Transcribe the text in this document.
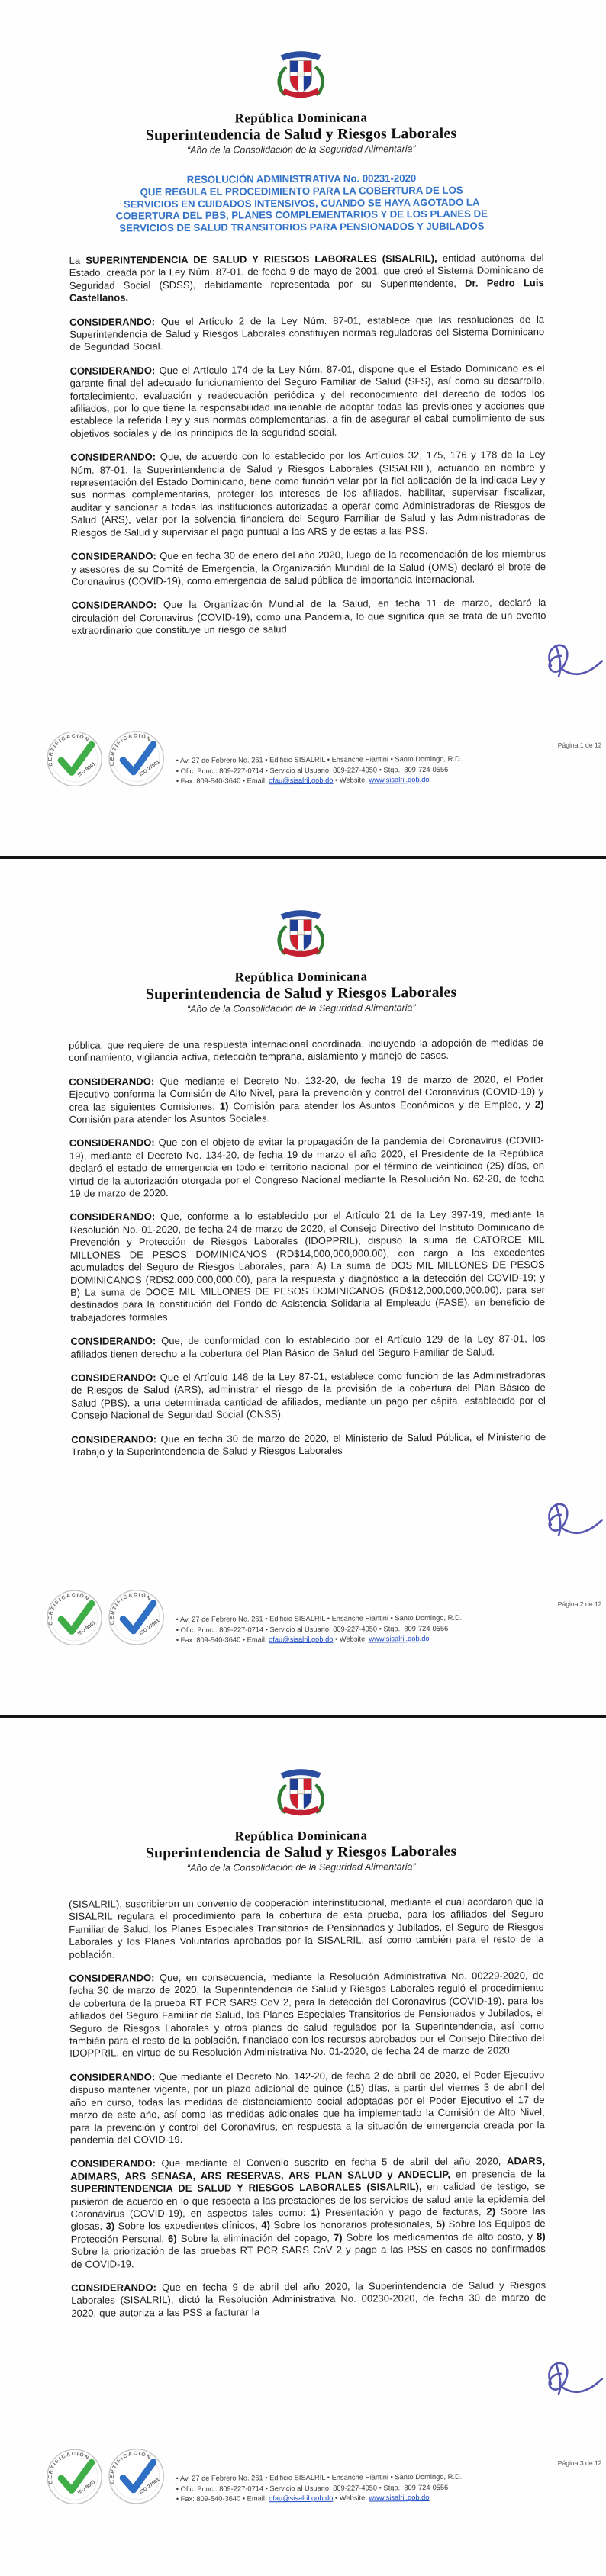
República Dominicana
Superintendencia de Salud y Riesgos Laborales
“Año de la Consolidación de la Seguridad Alimentaria”
RESOLUCIÓN ADMINISTRATIVA No. 00231-2020
QUE REGULA EL PROCEDIMIENTO PARA LA COBERTURA DE LOS
SERVICIOS EN CUIDADOS INTENSIVOS, CUANDO SE HAYA AGOTADO LA
COBERTURA DEL PBS, PLANES COMPLEMENTARIOS Y DE LOS PLANES DE
SERVICIOS DE SALUD TRANSITORIOS PARA PENSIONADOS Y JUBILADOS

La SUPERINTENDENCIA DE SALUD Y RIESGOS LABORALES (SISALRIL), entidad autónoma del Estado, creada por la Ley Núm. 87-01, de fecha 9 de mayo de 2001, que creó el Sistema Dominicano de Seguridad Social (SDSS), debidamente representada por su Superintendente, Dr. Pedro Luis Castellanos.

CONSIDERANDO: Que el Artículo 2 de la Ley Núm. 87-01, establece que las resoluciones de la Superintendencia de Salud y Riesgos Laborales constituyen normas reguladoras del Sistema Dominicano de Seguridad Social.

CONSIDERANDO: Que el Artículo 174 de la Ley Núm. 87-01, dispone que el Estado Dominicano es el garante final del adecuado funcionamiento del Seguro Familiar de Salud (SFS), así como su desarrollo, fortalecimiento, evaluación y readecuación periódica y del reconocimiento del derecho de todos los afiliados, por lo que tiene la responsabilidad inalienable de adoptar todas las previsiones y acciones que establece la referida Ley y sus normas complementarias, a fin de asegurar el cabal cumplimiento de sus objetivos sociales y de los principios de la seguridad social.

CONSIDERANDO: Que, de acuerdo con lo establecido por los Artículos 32, 175, 176 y 178 de la Ley Núm. 87-01, la Superintendencia de Salud y Riesgos Laborales (SISALRIL), actuando en nombre y representación del Estado Dominicano, tiene como función velar por la fiel aplicación de la indicada Ley y sus normas complementarias, proteger los intereses de los afiliados, habilitar, supervisar fiscalizar, auditar y sancionar a todas las instituciones autorizadas a operar como Administradoras de Riesgos de Salud (ARS), velar por la solvencia financiera del Seguro Familiar de Salud y las Administradoras de Riesgos de Salud y supervisar el pago puntual a las ARS y de estas a las PSS.

CONSIDERANDO: Que en fecha 30 de enero del año 2020, luego de la recomendación de los miembros y asesores de su Comité de Emergencia, la Organización Mundial de la Salud (OMS) declaró el brote de Coronavirus (COVID-19), como emergencia de salud pública de importancia internacional.

CONSIDERANDO: Que la Organización Mundial de la Salud, en fecha 11 de marzo, declaró la circulación del Coronavirus (COVID-19), como una Pandemia, lo que significa que se trata de un evento extraordinario que constituye un riesgo de salud

Página 1 de 12
CERTIFICACIÓN
ISO 9001 CERTIFICACIÓN
ISO 27001 • Av. 27 de Febrero No. 261 • Edificio SISALRIL • Ensanche Piantini • Santo Domingo, R.D.
• Ofic. Princ.: 809-227-0714 • Servicio al Usuario: 809-227-4050 • Stgo.: 809-724-0556
• Fax: 809-540-3640 • Email: ofau@sisalril.gob.do • Website: www.sisalril.gob.do
República Dominicana
Superintendencia de Salud y Riesgos Laborales
“Año de la Consolidación de la Seguridad Alimentaria”

pública, que requiere de una respuesta internacional coordinada, incluyendo la adopción de medidas de confinamiento, vigilancia activa, detección temprana, aislamiento y manejo de casos.

CONSIDERANDO: Que mediante el Decreto No. 132-20, de fecha 19 de marzo de 2020, el Poder Ejecutivo conforma la Comisión de Alto Nivel, para la prevención y control del Coronavirus (COVID-19) y crea las siguientes Comisiones: 1) Comisión para atender los Asuntos Económicos y de Empleo, y 2) Comisión para atender los Asuntos Sociales.

CONSIDERANDO: Que con el objeto de evitar la propagación de la pandemia del Coronavirus (COVID-19), mediante el Decreto No. 134-20, de fecha 19 de marzo el año 2020, el Presidente de la República declaró el estado de emergencia en todo el territorio nacional, por el término de veinticinco (25) días, en virtud de la autorización otorgada por el Congreso Nacional mediante la Resolución No. 62-20, de fecha 19 de marzo de 2020.

CONSIDERANDO: Que, conforme a lo establecido por el Artículo 21 de la Ley 397-19, mediante la Resolución No. 01-2020, de fecha 24 de marzo de 2020, el Consejo Directivo del Instituto Dominicano de Prevención y Protección de Riesgos Laborales (IDOPPRIL), dispuso la suma de CATORCE MIL MILLONES DE PESOS DOMINICANOS (RD$14,000,000,000.00), con cargo a los excedentes acumulados del Seguro de Riesgos Laborales, para: A) La suma de DOS MIL MILLONES DE PESOS DOMINICANOS (RD$2,000,000,000.00), para la respuesta y diagnóstico a la detección del COVID-19; y B) La suma de DOCE MIL MILLONES DE PESOS DOMINICANOS (RD$12,000,000,000.00), para ser destinados para la constitución del Fondo de Asistencia Solidaria al Empleado (FASE), en beneficio de trabajadores formales.

CONSIDERANDO: Que, de conformidad con lo establecido por el Artículo 129 de la Ley 87-01, los afiliados tienen derecho a la cobertura del Plan Básico de Salud del Seguro Familiar de Salud.

CONSIDERANDO: Que el Artículo 148 de la Ley 87-01, establece como función de las Administradoras de Riesgos de Salud (ARS), administrar el riesgo de la provisión de la cobertura del Plan Básico de Salud (PBS), a una determinada cantidad de afiliados, mediante un pago per cápita, establecido por el Consejo Nacional de Seguridad Social (CNSS).

CONSIDERANDO: Que en fecha 30 de marzo de 2020, el Ministerio de Salud Pública, el Ministerio de Trabajo y la Superintendencia de Salud y Riesgos Laborales

Página 2 de 12
CERTIFICACIÓN
ISO 9001 CERTIFICACIÓN
ISO 27001 • Av. 27 de Febrero No. 261 • Edificio SISALRIL • Ensanche Piantini • Santo Domingo, R.D.
• Ofic. Princ.: 809-227-0714 • Servicio al Usuario: 809-227-4050 • Stgo.: 809-724-0556
• Fax: 809-540-3640 • Email: ofau@sisalril.gob.do • Website: www.sisalril.gob.do
República Dominicana
Superintendencia de Salud y Riesgos Laborales
“Año de la Consolidación de la Seguridad Alimentaria”

(SISALRIL), suscribieron un convenio de cooperación interinstitucional, mediante el cual acordaron que la SISALRIL regulara el procedimiento para la cobertura de esta prueba, para los afiliados del Seguro Familiar de Salud, los Planes Especiales Transitorios de Pensionados y Jubilados, el Seguro de Riesgos Laborales y los Planes Voluntarios aprobados por la SISALRIL, así como también para el resto de la población.

CONSIDERANDO: Que, en consecuencia, mediante la Resolución Administrativa No. 00229-2020, de fecha 30 de marzo de 2020, la Superintendencia de Salud y Riesgos Laborales reguló el procedimiento de cobertura de la prueba RT PCR SARS CoV 2, para la detección del Coronavirus (COVID-19), para los afiliados del Seguro Familiar de Salud, los Planes Especiales Transitorios de Pensionados y Jubilados, el Seguro de Riesgos Laborales y otros planes de salud regulados por la Superintendencia, así como también para el resto de la población, financiado con los recursos aprobados por el Consejo Directivo del IDOPPRIL, en virtud de su Resolución Administrativa No. 01-2020, de fecha 24 de marzo de 2020.

CONSIDERANDO: Que mediante el Decreto No. 142-20, de fecha 2 de abril de 2020, el Poder Ejecutivo dispuso mantener vigente, por un plazo adicional de quince (15) días, a partir del viernes 3 de abril del año en curso, todas las medidas de distanciamiento social adoptadas por el Poder Ejecutivo el 17 de marzo de este año, así como las medidas adicionales que ha implementado la Comisión de Alto Nivel, para la prevención y control del Coronavirus, en respuesta a la situación de emergencia creada por la pandemia del COVID-19.

CONSIDERANDO: Que mediante el Convenio suscrito en fecha 5 de abril del año 2020, ADARS, ADIMARS, ARS SENASA, ARS RESERVAS, ARS PLAN SALUD y ANDECLIP, en presencia de la SUPERINTENDENCIA DE SALUD Y RIESGOS LABORALES (SISALRIL), en calidad de testigo, se pusieron de acuerdo en lo que respecta a las prestaciones de los servicios de salud ante la epidemia del Coronavirus (COVID-19), en aspectos tales como: 1) Presentación y pago de facturas, 2) Sobre las glosas, 3) Sobre los expedientes clínicos, 4) Sobre los honorarios profesionales, 5) Sobre los Equipos de Protección Personal, 6) Sobre la eliminación del copago, 7) Sobre los medicamentos de alto costo, y 8) Sobre la priorización de las pruebas RT PCR SARS CoV 2 y pago a las PSS en casos no confirmados de COVID-19.

CONSIDERANDO: Que en fecha 9 de abril del año 2020, la Superintendencia de Salud y Riesgos Laborales (SISALRIL), dictó la Resolución Administrativa No. 00230-2020, de fecha 30 de marzo de 2020, que autoriza a las PSS a facturar la

Página 3 de 12
CERTIFICACIÓN
ISO 9001 CERTIFICACIÓN
ISO 27001 • Av. 27 de Febrero No. 261 • Edificio SISALRIL • Ensanche Piantini • Santo Domingo, R.D.
• Ofic. Princ.: 809-227-0714 • Servicio al Usuario: 809-227-4050 • Stgo.: 809-724-0556
• Fax: 809-540-3640 • Email: ofau@sisalril.gob.do • Website: www.sisalril.gob.do
